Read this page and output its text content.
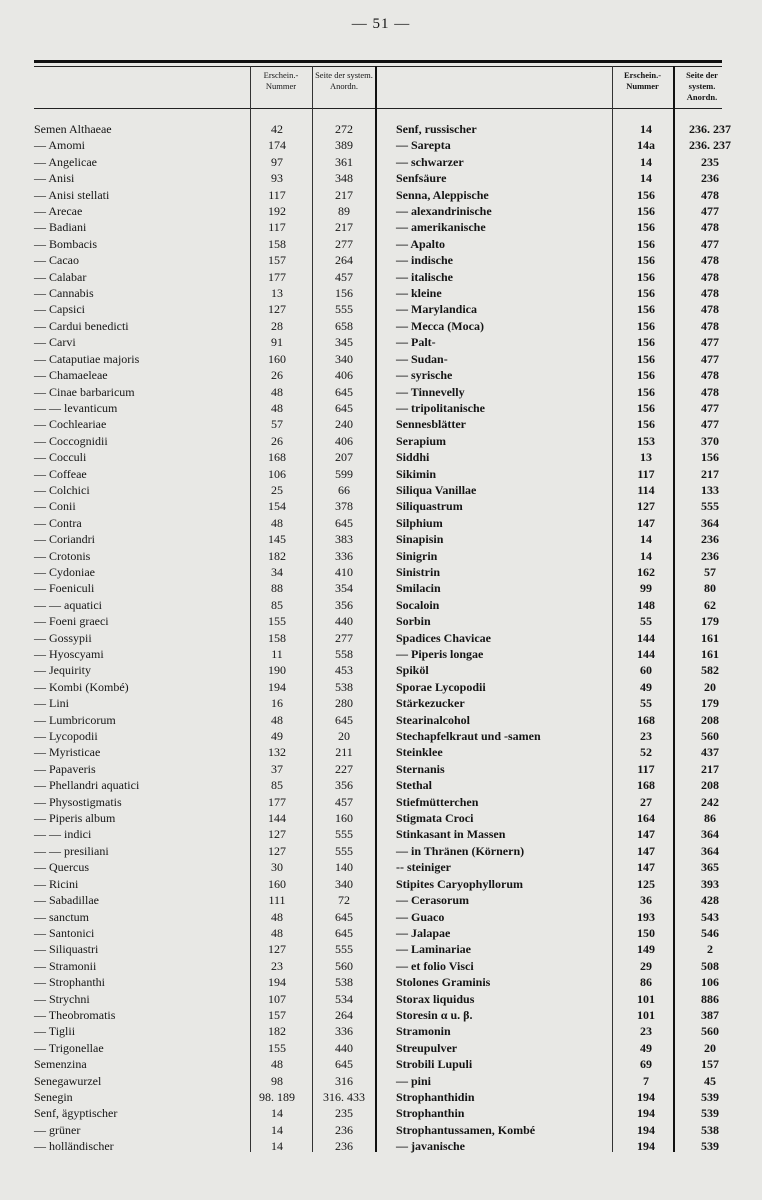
— 51 —
Erschein.-Nummer
Seite der system. Anordn.
Erschein.-Nummer
Seite der system. Anordn.
Semen Althaeae	42	272
— Amomi	174	389
— Angelicae	97	361
— Anisi	93	348
— Anisi stellati	117	217
— Arecae	192	89
— Badiani	117	217
— Bombacis	158	277
— Cacao	157	264
— Calabar	177	457
— Cannabis	13	156
— Capsici	127	555
— Cardui benedicti	28	658
— Carvi	91	345
— Cataputiae majoris	160	340
— Chamaeleae	26	406
— Cinae barbaricum	48	645
— — levanticum	48	645
— Cochleariae	57	240
— Coccognidii	26	406
— Cocculi	168	207
— Coffeae	106	599
— Colchici	25	66
— Conii	154	378
— Contra	48	645
— Coriandri	145	383
— Crotonis	182	336
— Cydoniae	34	410
— Foeniculi	88	354
— — aquatici	85	356
— Foeni graeci	155	440
— Gossypii	158	277
— Hyoscyami	11	558
— Jequirity	190	453
— Kombi (Kombé)	194	538
— Lini	16	280
— Lumbricorum	48	645
— Lycopodii	49	20
— Myristicae	132	211
— Papaveris	37	227
— Phellandri aquatici	85	356
— Physostigmatis	177	457
— Piperis album	144	160
— — indici	127	555
— — presiliani	127	555
— Quercus	30	140
— Ricini	160	340
— Sabadillae	111	72
— sanctum	48	645
— Santonici	48	645
— Siliquastri	127	555
— Stramonii	23	560
— Strophanthi	194	538
— Strychni	107	534
— Theobromatis	157	264
— Tiglii	182	336
— Trigonellae	155	440
Semenzina	48	645
Senegawurzel	98	316
Senegin	98. 189	316. 433
Senf, ägyptischer	14	235
— grüner	14	236
— holländischer	14	236
Senf, russischer	14	236. 237
— Sarepta	14a	236. 237
— schwarzer	14	235
Senfsäure	14	236
Senna, Aleppische	156	478
— alexandrinische	156	477
— amerikanische	156	478
— Apalto	156	477
— indische	156	478
— italische	156	478
— kleine	156	478
— Marylandica	156	478
— Mecca (Moca)	156	478
— Palt-	156	477
— Sudan-	156	477
— syrische	156	478
— Tinnevelly	156	478
— tripolitanische	156	477
Sennesblätter	156	477
Serapium	153	370
Siddhi	13	156
Sikimin	117	217
Siliqua Vanillae	114	133
Siliquastrum	127	555
Silphium	147	364
Sinapisin	14	236
Sinigrin	14	236
Sinistrin	162	57
Smilacin	99	80
Socaloin	148	62
Sorbin	55	179
Spadices Chavicae	144	161
— Piperis longae	144	161
Spiköl	60	582
Sporae Lycopodii	49	20
Stärkezucker	55	179
Stearinalcohol	168	208
Stechapfelkraut und -samen	23	560
Steinklee	52	437
Sternanis	117	217
Stethal	168	208
Stiefmütterchen	27	242
Stigmata Croci	164	86
Stinkasant in Massen	147	364
— in Thränen (Körnern)	147	364
-- steiniger	147	365
Stipites Caryophyllorum	125	393
— Cerasorum	36	428
— Guaco	193	543
— Jalapae	150	546
— Laminariae	149	2
— et folio Visci	29	508
Stolones Graminis	86	106
Storax liquidus	101	886
Storesin α u. β.	101	387
Stramonin	23	560
Streupulver	49	20
Strobili Lupuli	69	157
— pini	7	45
Strophanthidin	194	539
Strophanthin	194	539
Strophantussamen, Kombé	194	538
— javanische	194	539
